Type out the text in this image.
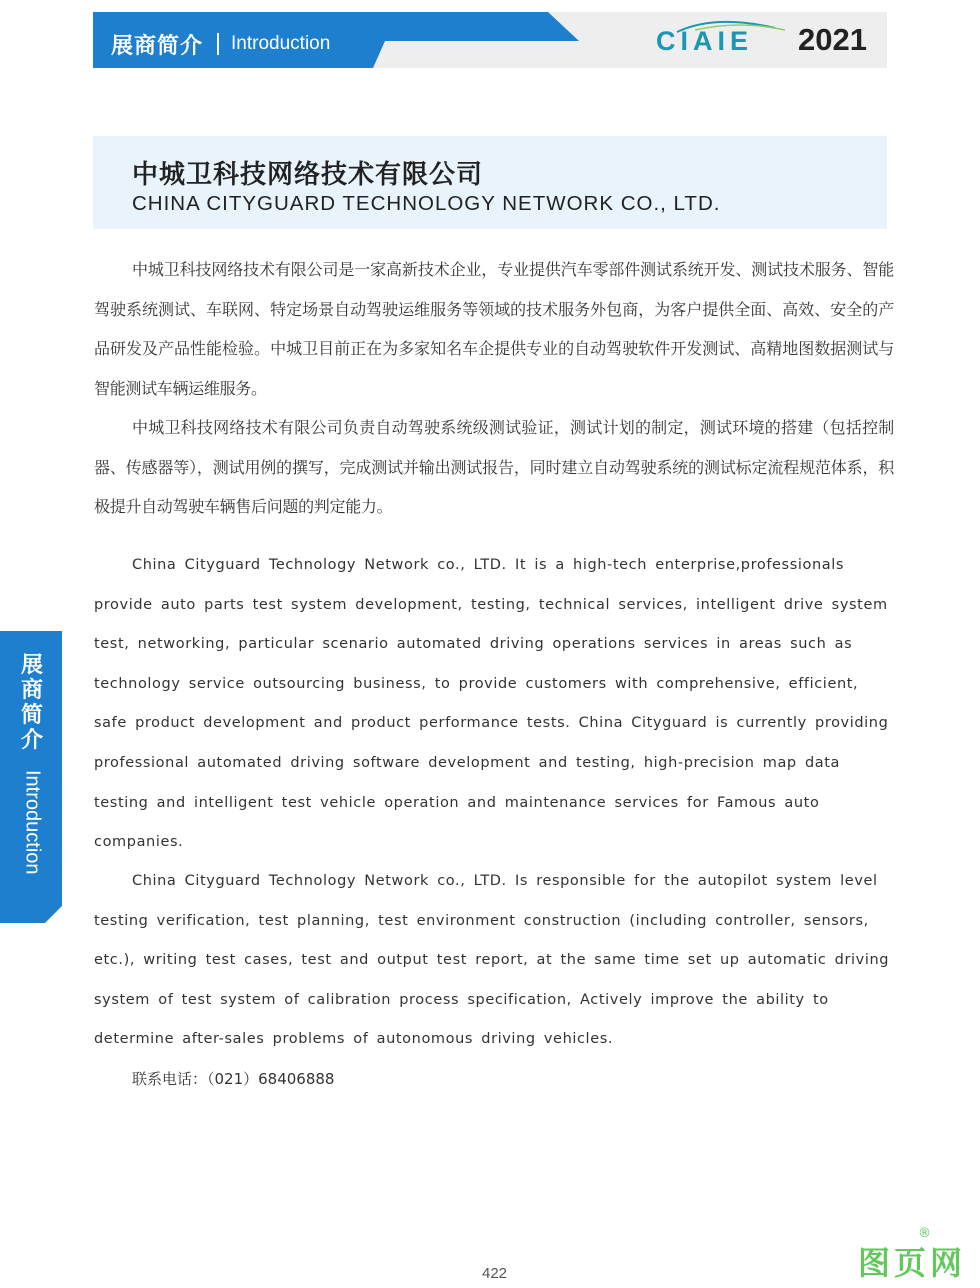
展商简介 Introduction	CIAIE 2021
中城卫科技网络技术有限公司
CHINA CITYGUARD TECHNOLOGY NETWORK CO., LTD.

中城卫科技网络技术有限公司是一家高新技术企业，专业提供汽车零部件测试系统开发、测试技术服务、智能驾驶系统测试、车联网、特定场景自动驾驶运维服务等领域的技术服务外包商，为客户提供全面、高效、安全的产品研发及产品性能检验。中城卫目前正在为多家知名车企提供专业的自动驾驶软件开发测试、高精地图数据测试与智能测试车辆运维服务。

中城卫科技网络技术有限公司负责自动驾驶系统级测试验证，测试计划的制定，测试环境的搭建（包括控制器、传感器等），测试用例的撰写，完成测试并输出测试报告，同时建立自动驾驶系统的测试标定流程规范体系，积极提升自动驾驶车辆售后问题的判定能力。

China Cityguard Technology Network co., LTD. It is a high-tech enterprise,professionals provide auto parts test system development, testing, technical services, intelligent drive system test, networking, particular scenario automated driving operations services in areas such as technology service outsourcing business, to provide customers with comprehensive, efficient, safe product development and product performance tests. China Cityguard is currently providing professional automated driving software development and testing, high-precision map data testing and intelligent test vehicle operation and maintenance services for Famous auto companies.

China Cityguard Technology Network co., LTD. Is responsible for the autopilot system level testing verification, test planning, test environment construction (including controller, sensors, etc.), writing test cases, test and output test report, at the same time set up automatic driving system of test system of calibration process specification, Actively improve the ability to determine after-sales problems of autonomous driving vehicles.

联系电话：（021）68406888
展商简介
Introduction
422	图页网
®
